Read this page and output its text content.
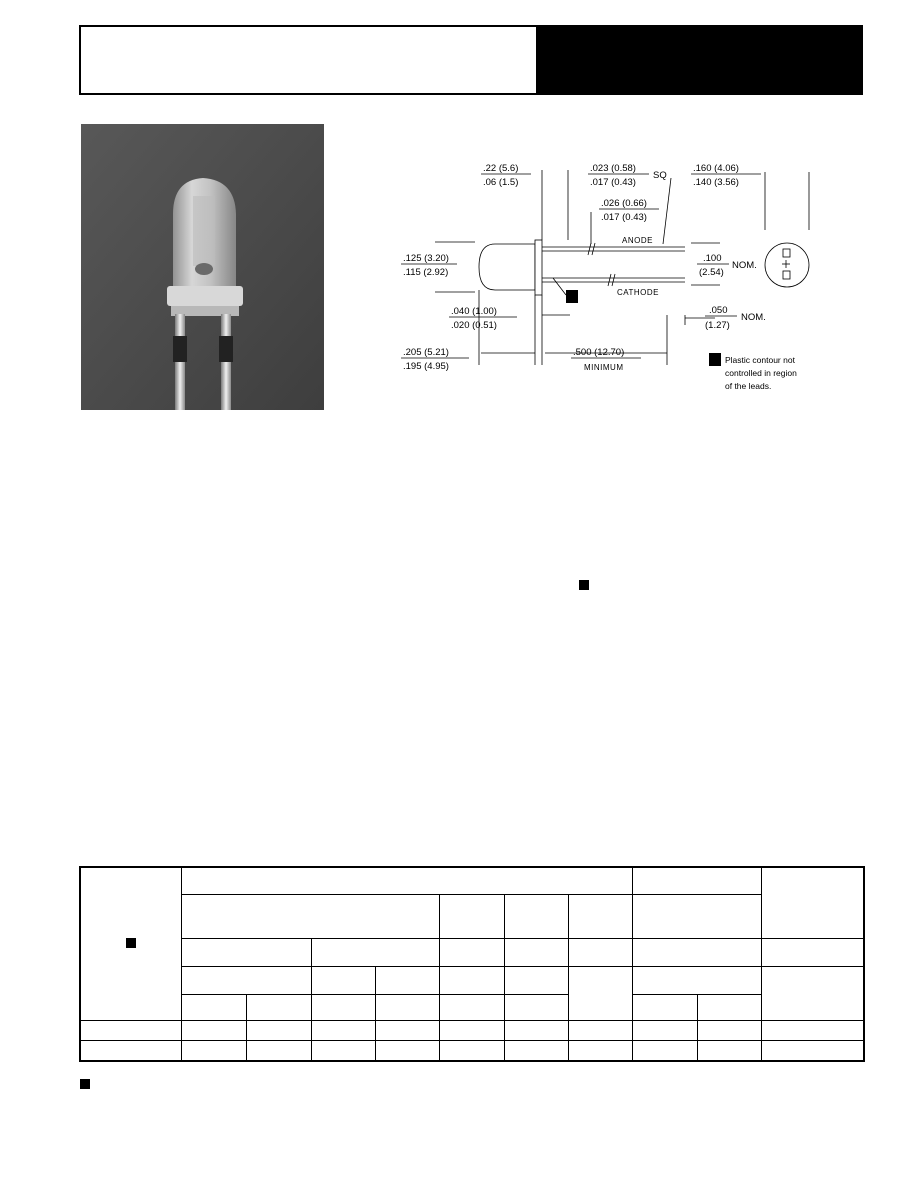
.22 (5.6)
.06 (1.5)
.023 (0.58)
.017 (0.43)
SQ
.160 (4.06)
.140 (3.56)
.026 (0.66)
.017 (0.43)
ANODE
CATHODE
.125 (3.20)
.115 (2.92)
.100
(2.54)
NOM.
.040 (1.00)
.020 (0.51)
.050
(1.27)
NOM.
.205 (5.21)
.195 (4.95)
.500 (12.70)
MINIMUM
1
1 Plastic contour not
controlled in region
of the leads.
